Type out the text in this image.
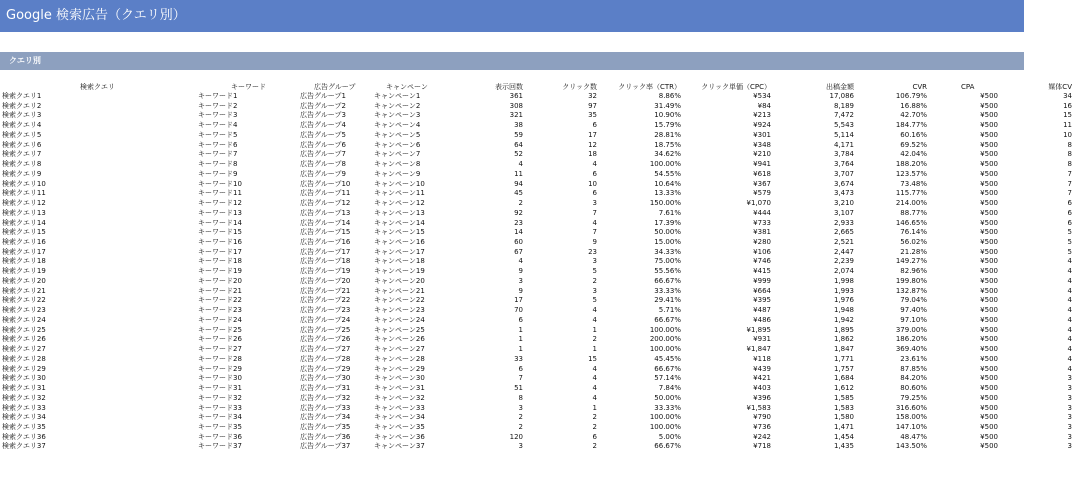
Google 検索広告（クエリ別）
クエリ別
検索クエリ	キーワード	広告グループ	キャンペーン	表示回数	クリック数	クリック率（CTR）	クリック単価（CPC）	出稿金額	CVR	CPA	媒体CV
検索クエリ1	キーワード1	広告グループ1	キャンペーン1	361	32	8.86%	¥534	17,086	106.79%	¥500	34
検索クエリ2	キーワード2	広告グループ2	キャンペーン2	308	97	31.49%	¥84	8,189	16.88%	¥500	16
検索クエリ3	キーワード3	広告グループ3	キャンペーン3	321	35	10.90%	¥213	7,472	42.70%	¥500	15
検索クエリ4	キーワード4	広告グループ4	キャンペーン4	38	6	15.79%	¥924	5,543	184.77%	¥500	11
検索クエリ5	キーワード5	広告グループ5	キャンペーン5	59	17	28.81%	¥301	5,114	60.16%	¥500	10
検索クエリ6	キーワード6	広告グループ6	キャンペーン6	64	12	18.75%	¥348	4,171	69.52%	¥500	8
検索クエリ7	キーワード7	広告グループ7	キャンペーン7	52	18	34.62%	¥210	3,784	42.04%	¥500	8
検索クエリ8	キーワード8	広告グループ8	キャンペーン8	4	4	100.00%	¥941	3,764	188.20%	¥500	8
検索クエリ9	キーワード9	広告グループ9	キャンペーン9	11	6	54.55%	¥618	3,707	123.57%	¥500	7
検索クエリ10	キーワード10	広告グループ10	キャンペーン10	94	10	10.64%	¥367	3,674	73.48%	¥500	7
検索クエリ11	キーワード11	広告グループ11	キャンペーン11	45	6	13.33%	¥579	3,473	115.77%	¥500	7
検索クエリ12	キーワード12	広告グループ12	キャンペーン12	2	3	150.00%	¥1,070	3,210	214.00%	¥500	6
検索クエリ13	キーワード13	広告グループ13	キャンペーン13	92	7	7.61%	¥444	3,107	88.77%	¥500	6
検索クエリ14	キーワード14	広告グループ14	キャンペーン14	23	4	17.39%	¥733	2,933	146.65%	¥500	6
検索クエリ15	キーワード15	広告グループ15	キャンペーン15	14	7	50.00%	¥381	2,665	76.14%	¥500	5
検索クエリ16	キーワード16	広告グループ16	キャンペーン16	60	9	15.00%	¥280	2,521	56.02%	¥500	5
検索クエリ17	キーワード17	広告グループ17	キャンペーン17	67	23	34.33%	¥106	2,447	21.28%	¥500	5
検索クエリ18	キーワード18	広告グループ18	キャンペーン18	4	3	75.00%	¥746	2,239	149.27%	¥500	4
検索クエリ19	キーワード19	広告グループ19	キャンペーン19	9	5	55.56%	¥415	2,074	82.96%	¥500	4
検索クエリ20	キーワード20	広告グループ20	キャンペーン20	3	2	66.67%	¥999	1,998	199.80%	¥500	4
検索クエリ21	キーワード21	広告グループ21	キャンペーン21	9	3	33.33%	¥664	1,993	132.87%	¥500	4
検索クエリ22	キーワード22	広告グループ22	キャンペーン22	17	5	29.41%	¥395	1,976	79.04%	¥500	4
検索クエリ23	キーワード23	広告グループ23	キャンペーン23	70	4	5.71%	¥487	1,948	97.40%	¥500	4
検索クエリ24	キーワード24	広告グループ24	キャンペーン24	6	4	66.67%	¥486	1,942	97.10%	¥500	4
検索クエリ25	キーワード25	広告グループ25	キャンペーン25	1	1	100.00%	¥1,895	1,895	379.00%	¥500	4
検索クエリ26	キーワード26	広告グループ26	キャンペーン26	1	2	200.00%	¥931	1,862	186.20%	¥500	4
検索クエリ27	キーワード27	広告グループ27	キャンペーン27	1	1	100.00%	¥1,847	1,847	369.40%	¥500	4
検索クエリ28	キーワード28	広告グループ28	キャンペーン28	33	15	45.45%	¥118	1,771	23.61%	¥500	4
検索クエリ29	キーワード29	広告グループ29	キャンペーン29	6	4	66.67%	¥439	1,757	87.85%	¥500	4
検索クエリ30	キーワード30	広告グループ30	キャンペーン30	7	4	57.14%	¥421	1,684	84.20%	¥500	3
検索クエリ31	キーワード31	広告グループ31	キャンペーン31	51	4	7.84%	¥403	1,612	80.60%	¥500	3
検索クエリ32	キーワード32	広告グループ32	キャンペーン32	8	4	50.00%	¥396	1,585	79.25%	¥500	3
検索クエリ33	キーワード33	広告グループ33	キャンペーン33	3	1	33.33%	¥1,583	1,583	316.60%	¥500	3
検索クエリ34	キーワード34	広告グループ34	キャンペーン34	2	2	100.00%	¥790	1,580	158.00%	¥500	3
検索クエリ35	キーワード35	広告グループ35	キャンペーン35	2	2	100.00%	¥736	1,471	147.10%	¥500	3
検索クエリ36	キーワード36	広告グループ36	キャンペーン36	120	6	5.00%	¥242	1,454	48.47%	¥500	3
検索クエリ37	キーワード37	広告グループ37	キャンペーン37	3	2	66.67%	¥718	1,435	143.50%	¥500	3
